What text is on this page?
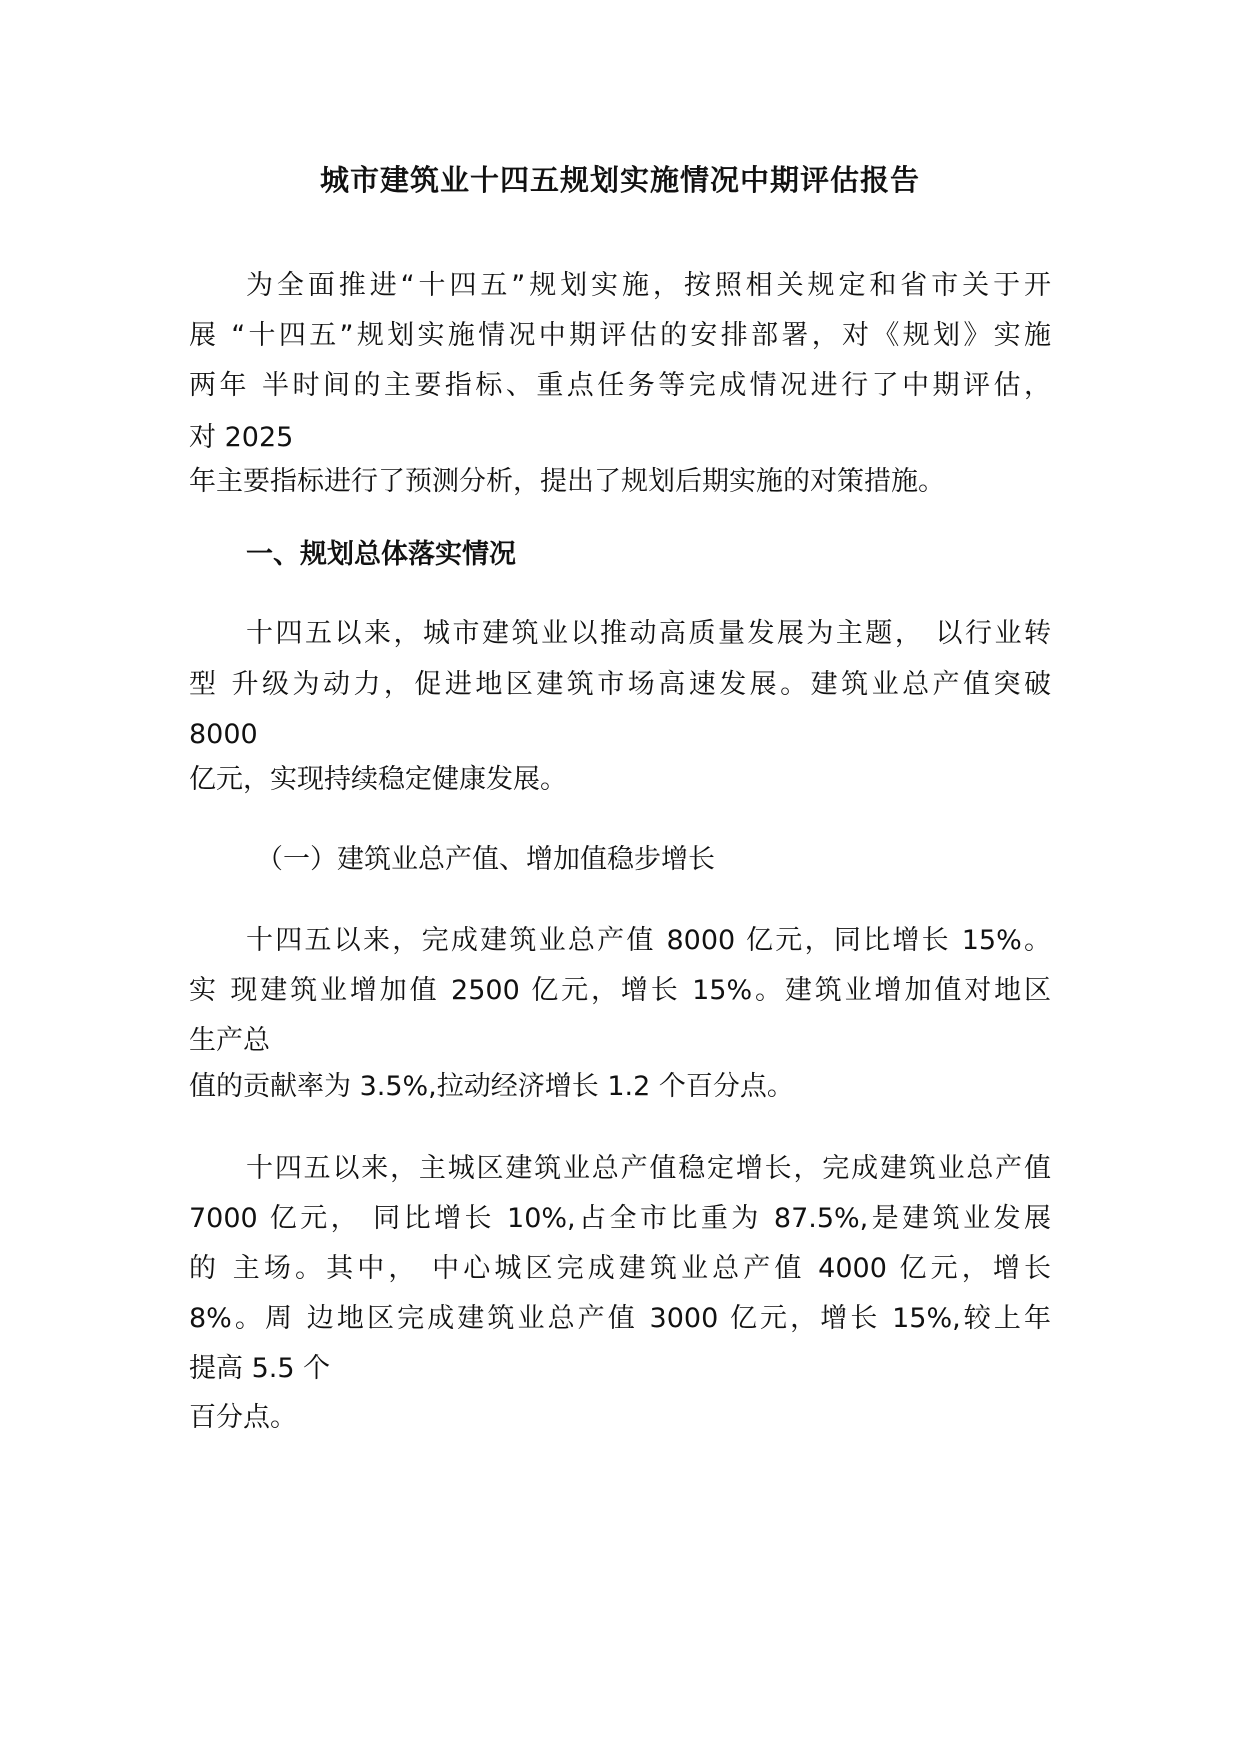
城市建筑业十四五规划实施情况中期评估报告
为全面推进“十四五”规划实施，按照相关规定和省市关于开
展 “十四五”规划实施情况中期评估的安排部署，对《规划》实施
两年 半时间的主要指标、重点任务等完成情况进行了中期评估，
对 2025
年主要指标进行了预测分析，提出了规划后期实施的对策措施。
一、规划总体落实情况
十四五以来，城市建筑业以推动高质量发展为主题， 以行业转
型 升级为动力，促进地区建筑市场高速发展。建筑业总产值突破
8000
亿元，实现持续稳定健康发展。
（一）建筑业总产值、增加值稳步增长
十四五以来，完成建筑业总产值 8000 亿元，同比增长 15%。
实 现建筑业增加值 2500 亿元，增长 15%。建筑业增加值对地区
生产总
值的贡献率为 3.5%,拉动经济增长 1.2 个百分点。
十四五以来，主城区建筑业总产值稳定增长，完成建筑业总产值
7000 亿元， 同比增长 10%,占全市比重为 87.5%,是建筑业发展
的 主场。其中， 中心城区完成建筑业总产值 4000 亿元，增长
8%。周 边地区完成建筑业总产值 3000 亿元，增长 15%,较上年
提高 5.5 个
百分点。
